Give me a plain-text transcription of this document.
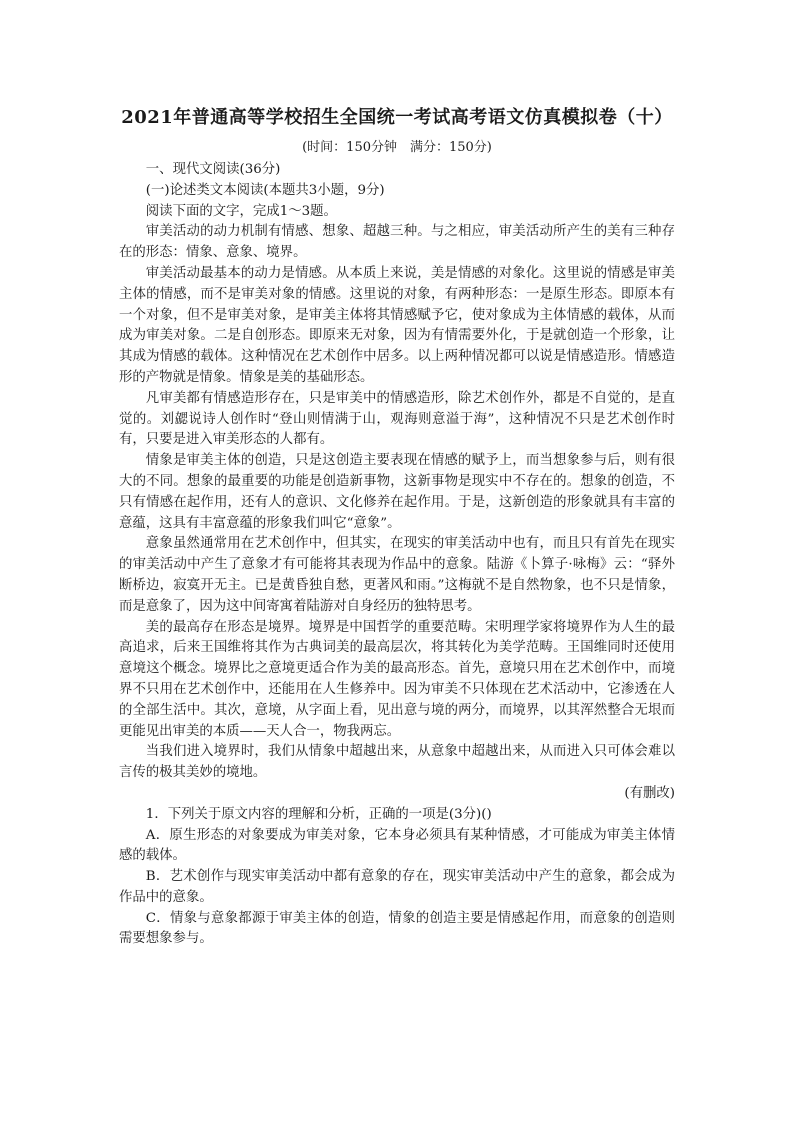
2021年普通高等学校招生全国统一考试高考语文仿真模拟卷（十）
(时间：150分钟　满分：150分)

一、现代文阅读(36分)

(一)论述类文本阅读(本题共3小题，9分)

阅读下面的文字，完成1～3题。

审美活动的动力机制有情感、想象、超越三种。与之相应，审美活动所产生的美有三种存在的形态：情象、意象、境界。

审美活动最基本的动力是情感。从本质上来说，美是情感的对象化。这里说的情感是审美主体的情感，而不是审美对象的情感。这里说的对象，有两种形态：一是原生形态。即原本有一个对象，但不是审美对象，是审美主体将其情感赋予它，使对象成为主体情感的载体，从而成为审美对象。二是自创形态。即原来无对象，因为有情需要外化，于是就创造一个形象，让其成为情感的载体。这种情况在艺术创作中居多。以上两种情况都可以说是情感造形。情感造形的产物就是情象。情象是美的基础形态。

凡审美都有情感造形存在，只是审美中的情感造形，除艺术创作外，都是不自觉的，是直觉的。刘勰说诗人创作时“登山则情满于山，观海则意溢于海”，这种情况不只是艺术创作时有，只要是进入审美形态的人都有。

情象是审美主体的创造，只是这创造主要表现在情感的赋予上，而当想象参与后，则有很大的不同。想象的最重要的功能是创造新事物，这新事物是现实中不存在的。想象的创造，不只有情感在起作用，还有人的意识、文化修养在起作用。于是，这新创造的形象就具有丰富的意蕴，这具有丰富意蕴的形象我们叫它“意象”。

意象虽然通常用在艺术创作中，但其实，在现实的审美活动中也有，而且只有首先在现实的审美活动中产生了意象才有可能将其表现为作品中的意象。陆游《卜算子·咏梅》云：“驿外断桥边，寂寞开无主。已是黄昏独自愁，更著风和雨。”这梅就不是自然物象，也不只是情象，而是意象了，因为这中间寄寓着陆游对自身经历的独特思考。

美的最高存在形态是境界。境界是中国哲学的重要范畴。宋明理学家将境界作为人生的最高追求，后来王国维将其作为古典词美的最高层次，将其转化为美学范畴。王国维同时还使用意境这个概念。境界比之意境更适合作为美的最高形态。首先，意境只用在艺术创作中，而境界不只用在艺术创作中，还能用在人生修养中。因为审美不只体现在艺术活动中，它渗透在人的全部生活中。其次，意境，从字面上看，见出意与境的两分，而境界，以其浑然整合无垠而更能见出审美的本质——天人合一，物我两忘。

当我们进入境界时，我们从情象中超越出来，从意象中超越出来，从而进入只可体会难以言传的极其美妙的境地。

(有删改)

1．下列关于原文内容的理解和分析，正确的一项是(3分)()

A．原生形态的对象要成为审美对象，它本身必须具有某种情感，才可能成为审美主体情感的载体。

B．艺术创作与现实审美活动中都有意象的存在，现实审美活动中产生的意象，都会成为作品中的意象。

C．情象与意象都源于审美主体的创造，情象的创造主要是情感起作用，而意象的创造则需要想象参与。
